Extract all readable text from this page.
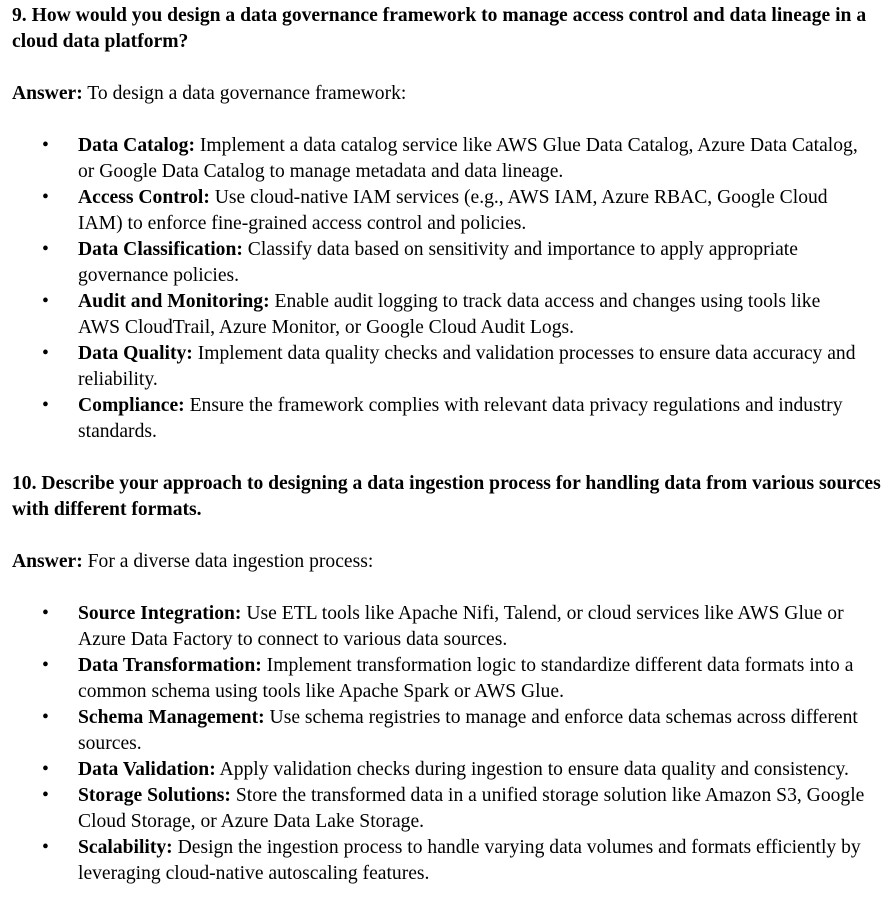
9. How would you design a data governance framework to manage access control and data lineage in a cloud data platform?

Answer: To design a data governance framework:

• Data Catalog: Implement a data catalog service like AWS Glue Data Catalog, Azure Data Catalog, or Google Data Catalog to manage metadata and data lineage.
• Access Control: Use cloud-native IAM services (e.g., AWS IAM, Azure RBAC, Google Cloud IAM) to enforce fine-grained access control and policies.
• Data Classification: Classify data based on sensitivity and importance to apply appropriate governance policies.
• Audit and Monitoring: Enable audit logging to track data access and changes using tools like AWS CloudTrail, Azure Monitor, or Google Cloud Audit Logs.
• Data Quality: Implement data quality checks and validation processes to ensure data accuracy and reliability.
• Compliance: Ensure the framework complies with relevant data privacy regulations and industry standards.

10. Describe your approach to designing a data ingestion process for handling data from various sources with different formats.

Answer: For a diverse data ingestion process:

• Source Integration: Use ETL tools like Apache Nifi, Talend, or cloud services like AWS Glue or Azure Data Factory to connect to various data sources.
• Data Transformation: Implement transformation logic to standardize different data formats into a common schema using tools like Apache Spark or AWS Glue.
• Schema Management: Use schema registries to manage and enforce data schemas across different sources.
• Data Validation: Apply validation checks during ingestion to ensure data quality and consistency.
• Storage Solutions: Store the transformed data in a unified storage solution like Amazon S3, Google Cloud Storage, or Azure Data Lake Storage.
• Scalability: Design the ingestion process to handle varying data volumes and formats efficiently by leveraging cloud-native autoscaling features.
